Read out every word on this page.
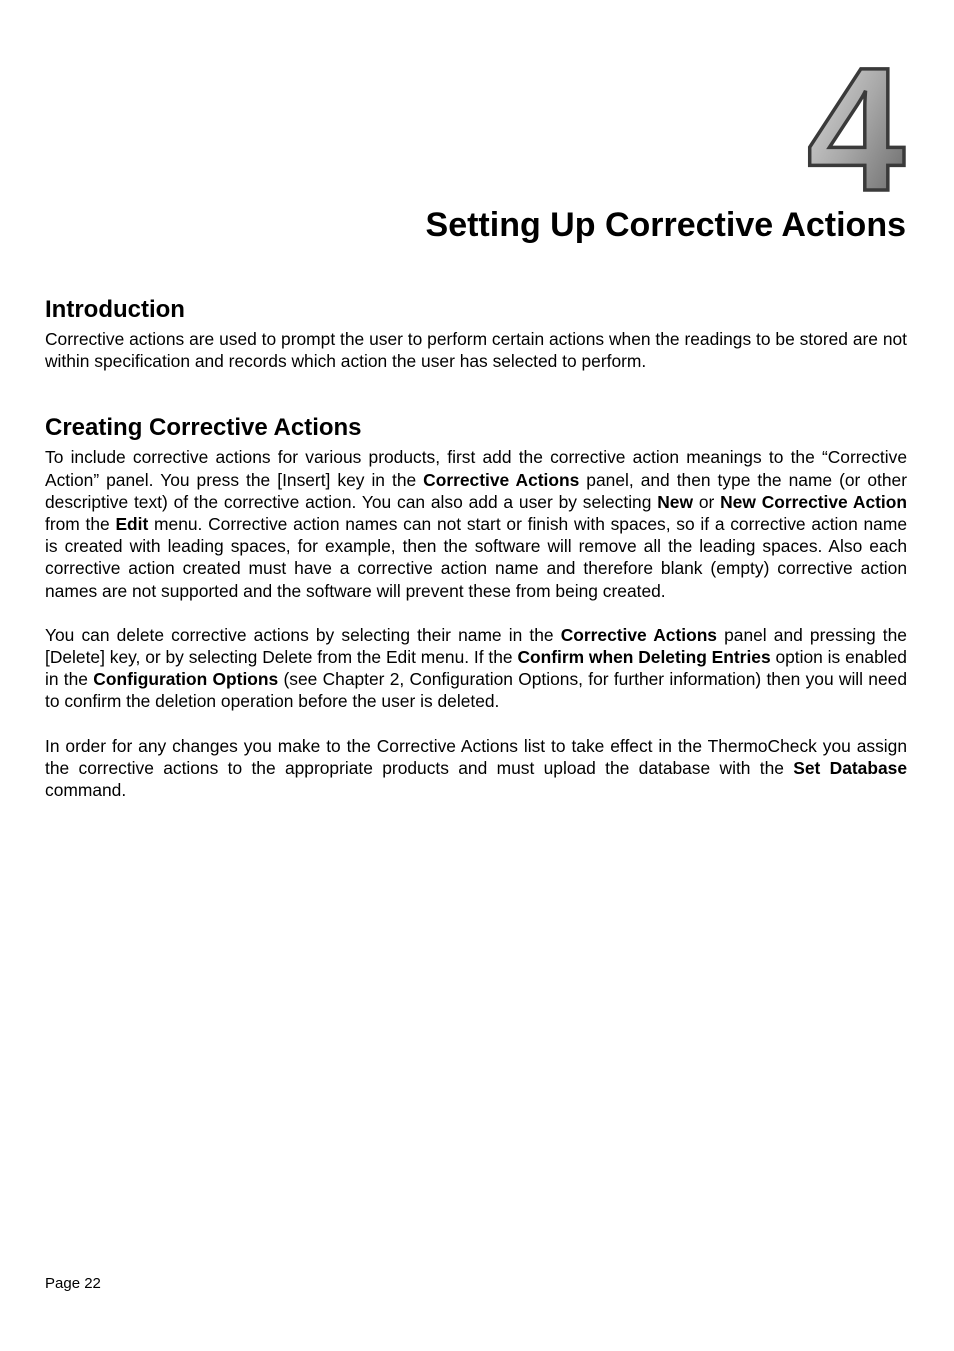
4
Setting Up Corrective Actions
Introduction

Corrective actions are used to prompt the user to perform certain actions when the readings to be stored are not within specification and records which action the user has selected to perform.

Creating Corrective Actions

To include corrective actions for various products, first add the corrective action meanings to the “Corrective Action” panel. You press the [Insert] key in the Corrective Actions panel, and then type the name (or other descriptive text) of the corrective action. You can also add a user by selecting New or New Corrective Action from the Edit menu. Corrective action names can not start or finish with spaces, so if a corrective action name is created with leading spaces, for example, then the software will remove all the leading spaces. Also each corrective action created must have a corrective action name and therefore blank (empty) corrective action names are not supported and the software will prevent these from being created.

You can delete corrective actions by selecting their name in the Corrective Actions panel and pressing the [Delete] key, or by selecting Delete from the Edit menu. If the Confirm when Deleting Entries option is enabled in the Configuration Options (see Chapter 2, Configuration Options, for further information) then you will need to confirm the deletion operation before the user is deleted.

In order for any changes you make to the Corrective Actions list to take effect in the ThermoCheck you assign the corrective actions to the appropriate products and must upload the database with the Set Database command.

Page 22
